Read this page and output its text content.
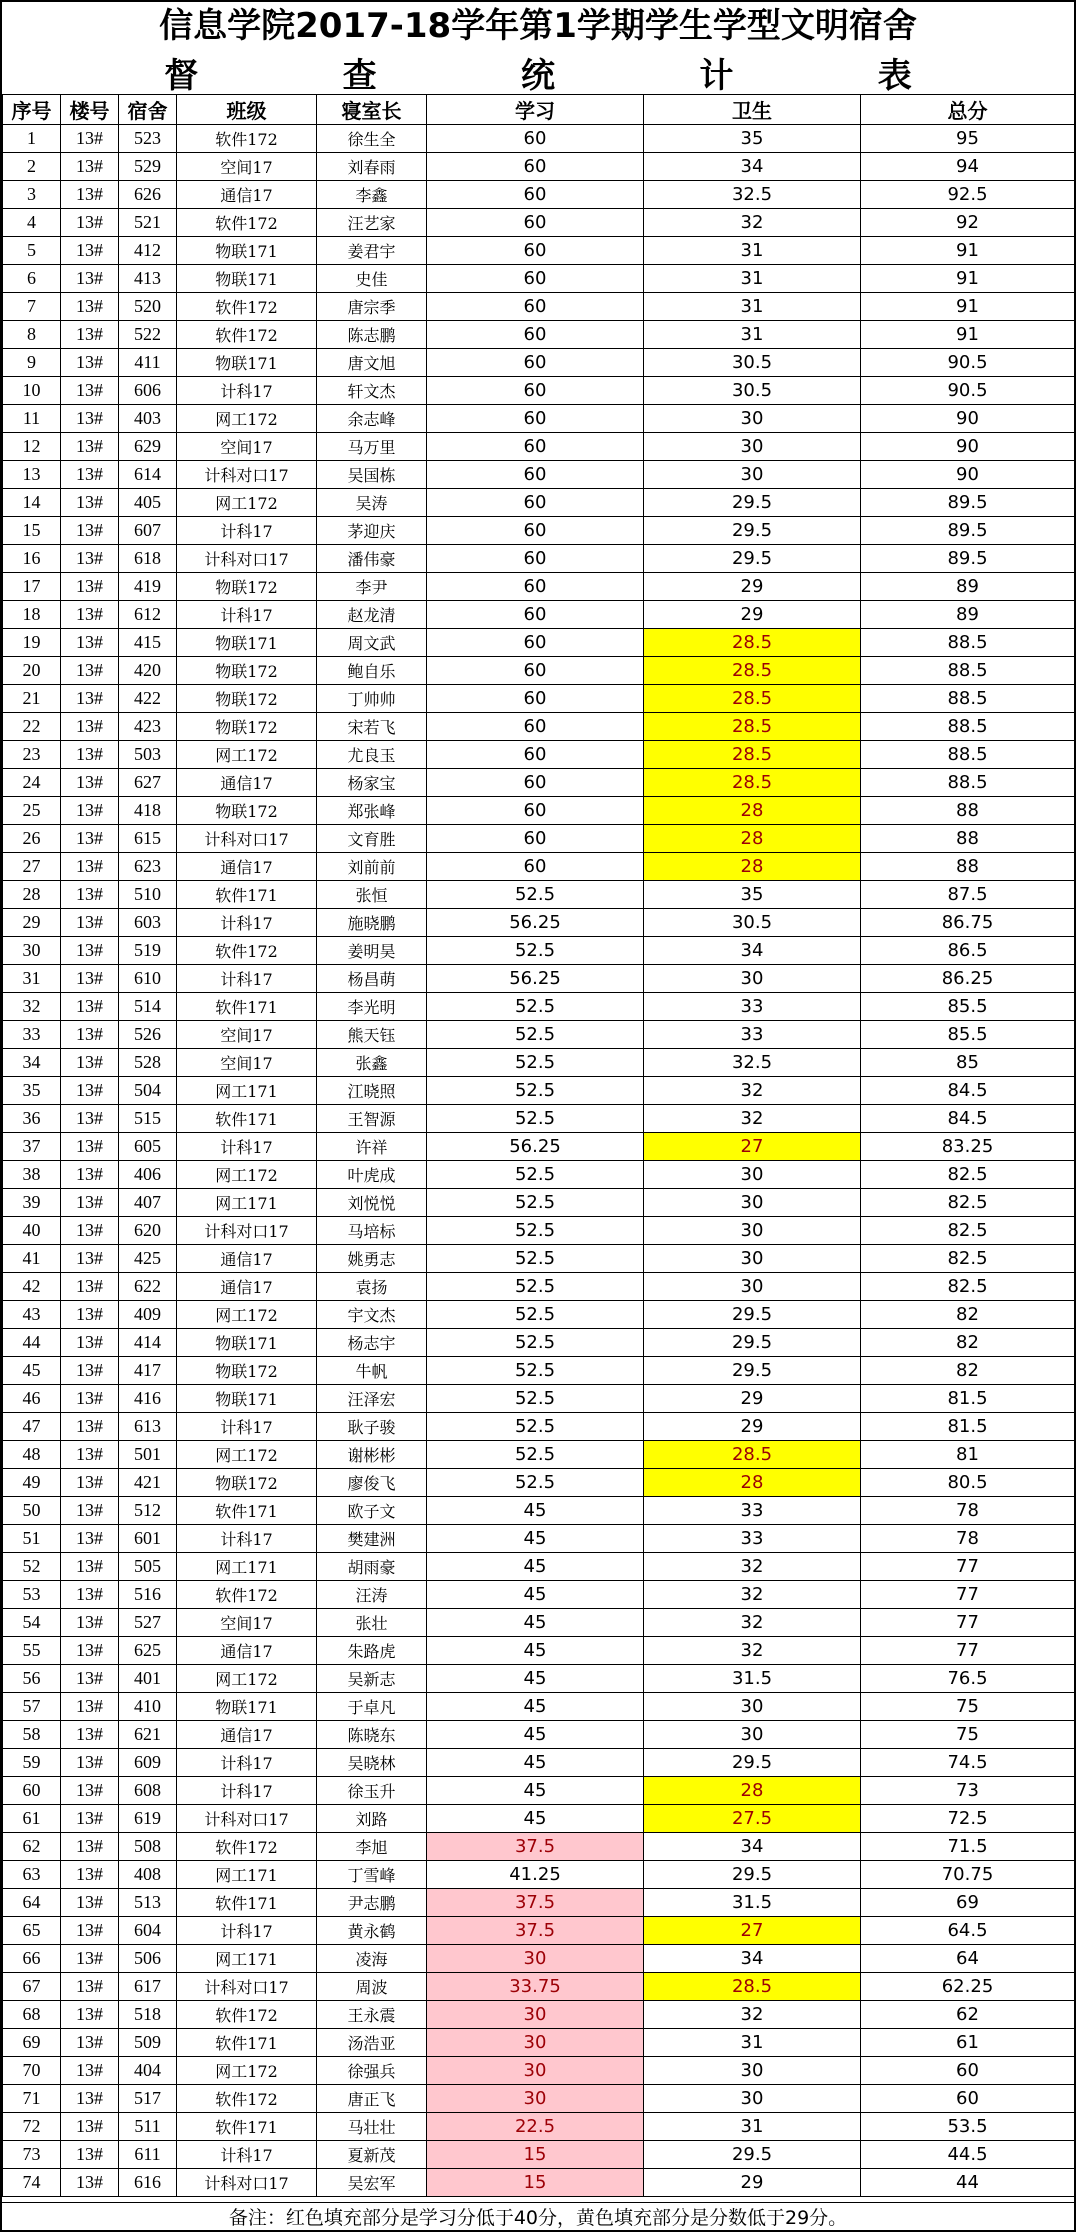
信息学院2017-18学年第1学期学生学型文明宿舍
督	查	统	计	表
序号	楼号	宿舍	班级	寝室长	学习	卫生	总分
1	13#	523	软件172	徐生全	60	35	95
2	13#	529	空间17	刘春雨	60	34	94
3	13#	626	通信17	李鑫	60	32.5	92.5
4	13#	521	软件172	汪艺家	60	32	92
5	13#	412	物联171	姜君宇	60	31	91
6	13#	413	物联171	史佳	60	31	91
7	13#	520	软件172	唐宗季	60	31	91
8	13#	522	软件172	陈志鹏	60	31	91
9	13#	411	物联171	唐文旭	60	30.5	90.5
10	13#	606	计科17	轩文杰	60	30.5	90.5
11	13#	403	网工172	余志峰	60	30	90
12	13#	629	空间17	马万里	60	30	90
13	13#	614	计科对口17	吴国栋	60	30	90
14	13#	405	网工172	吴涛	60	29.5	89.5
15	13#	607	计科17	茅迎庆	60	29.5	89.5
16	13#	618	计科对口17	潘伟豪	60	29.5	89.5
17	13#	419	物联172	李尹	60	29	89
18	13#	612	计科17	赵龙清	60	29	89
19	13#	415	物联171	周文武	60	28.5	88.5
20	13#	420	物联172	鲍自乐	60	28.5	88.5
21	13#	422	物联172	丁帅帅	60	28.5	88.5
22	13#	423	物联172	宋若飞	60	28.5	88.5
23	13#	503	网工172	尤良玉	60	28.5	88.5
24	13#	627	通信17	杨家宝	60	28.5	88.5
25	13#	418	物联172	郑张峰	60	28	88
26	13#	615	计科对口17	文育胜	60	28	88
27	13#	623	通信17	刘前前	60	28	88
28	13#	510	软件171	张恒	52.5	35	87.5
29	13#	603	计科17	施晓鹏	56.25	30.5	86.75
30	13#	519	软件172	姜明昊	52.5	34	86.5
31	13#	610	计科17	杨昌萌	56.25	30	86.25
32	13#	514	软件171	李光明	52.5	33	85.5
33	13#	526	空间17	熊天钰	52.5	33	85.5
34	13#	528	空间17	张鑫	52.5	32.5	85
35	13#	504	网工171	江晓照	52.5	32	84.5
36	13#	515	软件171	王智源	52.5	32	84.5
37	13#	605	计科17	许祥	56.25	27	83.25
38	13#	406	网工172	叶虎成	52.5	30	82.5
39	13#	407	网工171	刘悦悦	52.5	30	82.5
40	13#	620	计科对口17	马培标	52.5	30	82.5
41	13#	425	通信17	姚勇志	52.5	30	82.5
42	13#	622	通信17	袁扬	52.5	30	82.5
43	13#	409	网工172	宇文杰	52.5	29.5	82
44	13#	414	物联171	杨志宇	52.5	29.5	82
45	13#	417	物联172	牛帆	52.5	29.5	82
46	13#	416	物联171	汪泽宏	52.5	29	81.5
47	13#	613	计科17	耿子骏	52.5	29	81.5
48	13#	501	网工172	谢彬彬	52.5	28.5	81
49	13#	421	物联172	廖俊飞	52.5	28	80.5
50	13#	512	软件171	欧子文	45	33	78
51	13#	601	计科17	樊建洲	45	33	78
52	13#	505	网工171	胡雨豪	45	32	77
53	13#	516	软件172	汪涛	45	32	77
54	13#	527	空间17	张壮	45	32	77
55	13#	625	通信17	朱路虎	45	32	77
56	13#	401	网工172	吴新志	45	31.5	76.5
57	13#	410	物联171	于卓凡	45	30	75
58	13#	621	通信17	陈晓东	45	30	75
59	13#	609	计科17	吴晓林	45	29.5	74.5
60	13#	608	计科17	徐玉升	45	28	73
61	13#	619	计科对口17	刘路	45	27.5	72.5
62	13#	508	软件172	李旭	37.5	34	71.5
63	13#	408	网工171	丁雪峰	41.25	29.5	70.75
64	13#	513	软件171	尹志鹏	37.5	31.5	69
65	13#	604	计科17	黄永鹤	37.5	27	64.5
66	13#	506	网工171	凌海	30	34	64
67	13#	617	计科对口17	周波	33.75	28.5	62.25
68	13#	518	软件172	王永震	30	32	62
69	13#	509	软件171	汤浩亚	30	31	61
70	13#	404	网工172	徐强兵	30	30	60
71	13#	517	软件172	唐正飞	30	30	60
72	13#	511	软件171	马壮壮	22.5	31	53.5
73	13#	611	计科17	夏新茂	15	29.5	44.5
74	13#	616	计科对口17	吴宏军	15	29	44
备注：红色填充部分是学习分低于40分，黄色填充部分是分数低于29分。
